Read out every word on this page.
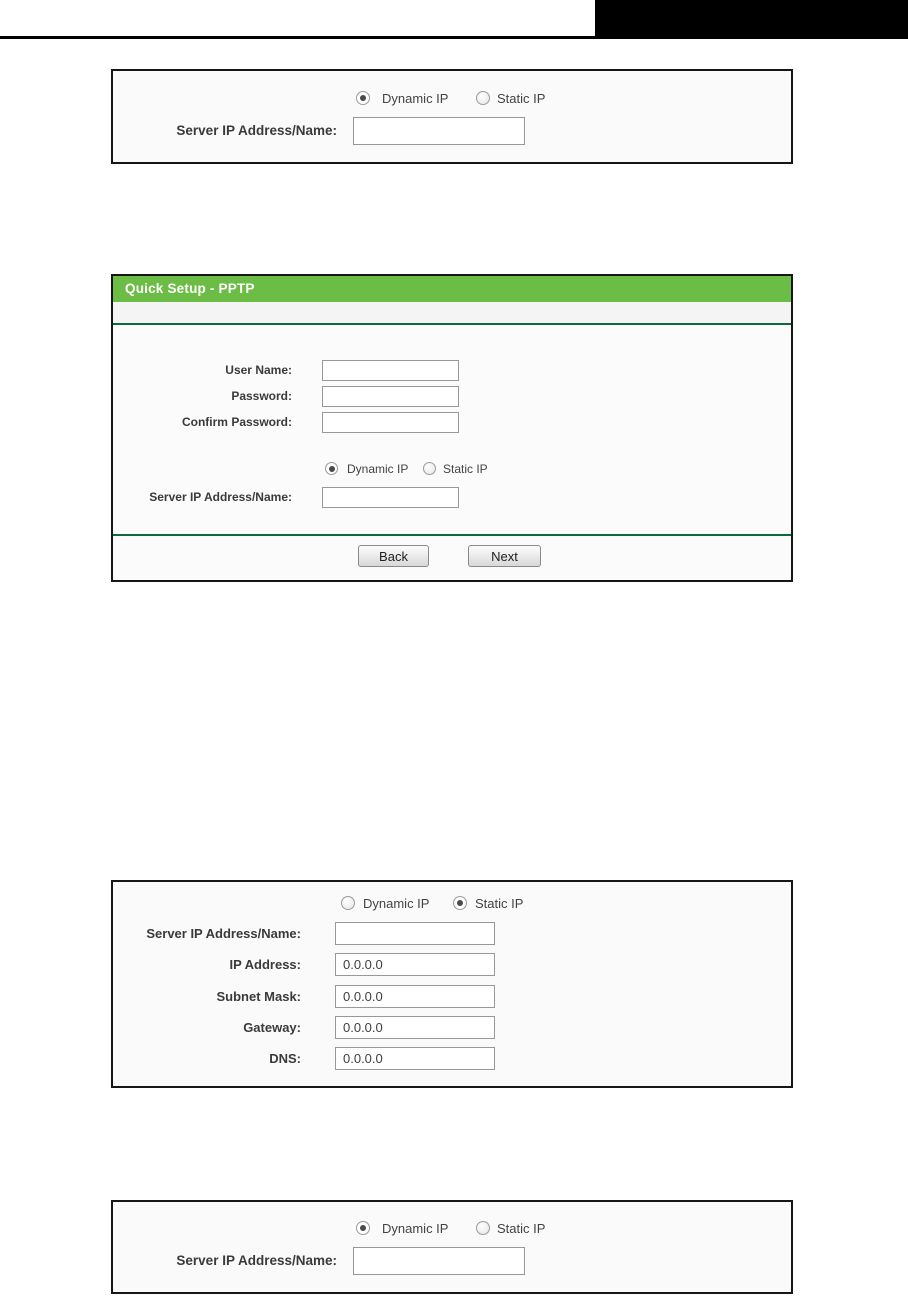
Dynamic IP	Static IP
Server IP Address/Name:
Quick Setup - PPTP
User Name:
Password:
Confirm Password:
Dynamic IP	Static IP
Server IP Address/Name:
Back	Next
Dynamic IP	Static IP
Server IP Address/Name:
IP Address:
0.0.0.0
Subnet Mask:
0.0.0.0
Gateway:
0.0.0.0
DNS:
0.0.0.0
Dynamic IP	Static IP
Server IP Address/Name:
